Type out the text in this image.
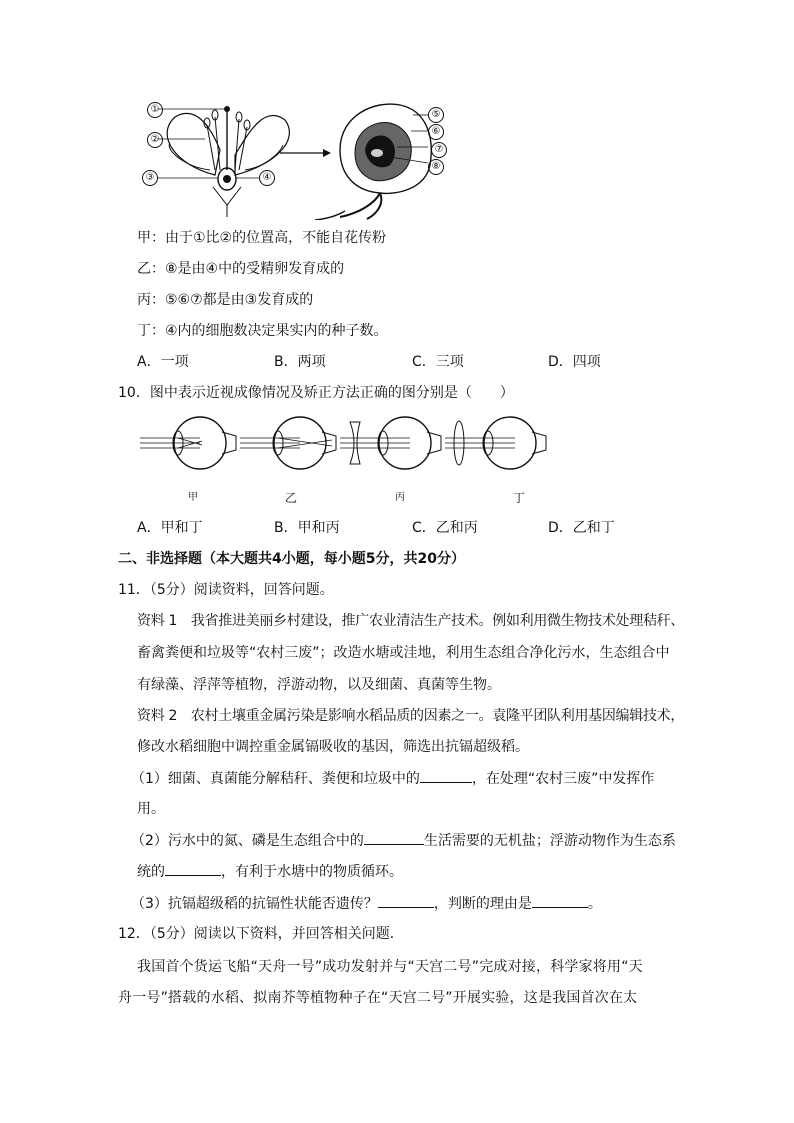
①
②
③	④
⑤
⑥
⑦
⑧
甲：由于①比②的位置高，不能自花传粉
乙：⑧是由④中的受精卵发育成的
丙：⑤⑥⑦都是由③发育成的
丁：④内的细胞数决定果实内的种子数。
A．一项	B．两项	C．三项	D．四项
10．图中表示近视成像情况及矫正方法正确的图分别是（　　）
甲	乙	丙	丁
A．甲和丁	B．甲和丙	C．乙和丙	D．乙和丁
二、非选择题（本大题共4小题，每小题5分，共20分）
11．（5分）阅读资料，回答问题。
资料 1　我省推进美丽乡村建设，推广农业清洁生产技术。例如利用微生物技术处理秸秆、
畜禽粪便和垃圾等“农村三废”；改造水塘或洼地，利用生态组合净化污水，生态组合中
有绿藻、浮萍等植物，浮游动物，以及细菌、真菌等生物。
资料 2　农村土壤重金属污染是影响水稻品质的因素之一。袁隆平团队利用基因编辑技术，
修改水稻细胞中调控重金属镉吸收的基因，筛选出抗镉超级稻。
（1）细菌、真菌能分解秸秆、粪便和垃圾中的	，在处理“农村三废”中发挥作
用。
（2）污水中的氮、磷是生态组合中的	生活需要的无机盐；浮游动物作为生态系
统的	，有利于水塘中的物质循环。
（3）抗镉超级稻的抗镉性状能否遗传？	，判断的理由是	。
12．（5分）阅读以下资料，并回答相关问题．
我国首个货运飞船“天舟一号”成功发射并与“天宫二号”完成对接，科学家将用“天
舟一号”搭载的水稻、拟南芥等植物种子在“天宫二号”开展实验，这是我国首次在太
